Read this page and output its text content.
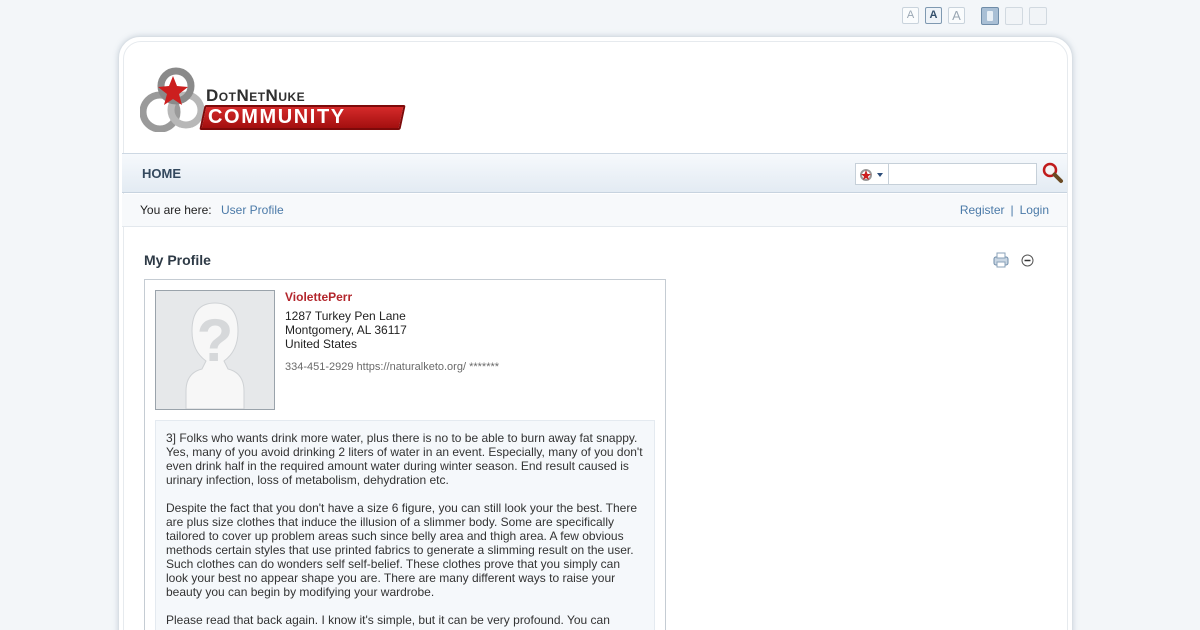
A	A	A
DotNetNuke
COMMUNITY
HOME
You are here: User Profile	Register | Login
My Profile
?
ViolettePerr
1287 Turkey Pen Lane
Montgomery, AL 36117
United States
334-451-2929 https://naturalketo.org/ *******

3] Folks who wants drink more water, plus there is no to be able to burn away fat snappy. Yes, many of you avoid drinking 2 liters of water in an event. Especially, many of you don't even drink half in the required amount water during winter season. End result caused is urinary infection, loss of metabolism, dehydration etc.

Despite the fact that you don't have a size 6 figure, you can still look your the best. There are plus size clothes that induce the illusion of a slimmer body. Some are specifically tailored to cover up problem areas such since belly area and thigh area. A few obvious methods certain styles that use printed fabrics to generate a slimming result on the user. Such clothes can do wonders self self-belief. These clothes prove that you simply can look your best no appear shape you are. There are many different ways to raise your beauty you can begin by modifying your wardrobe.

Please read that back again. I know it's simple, but it can be very profound. You can
